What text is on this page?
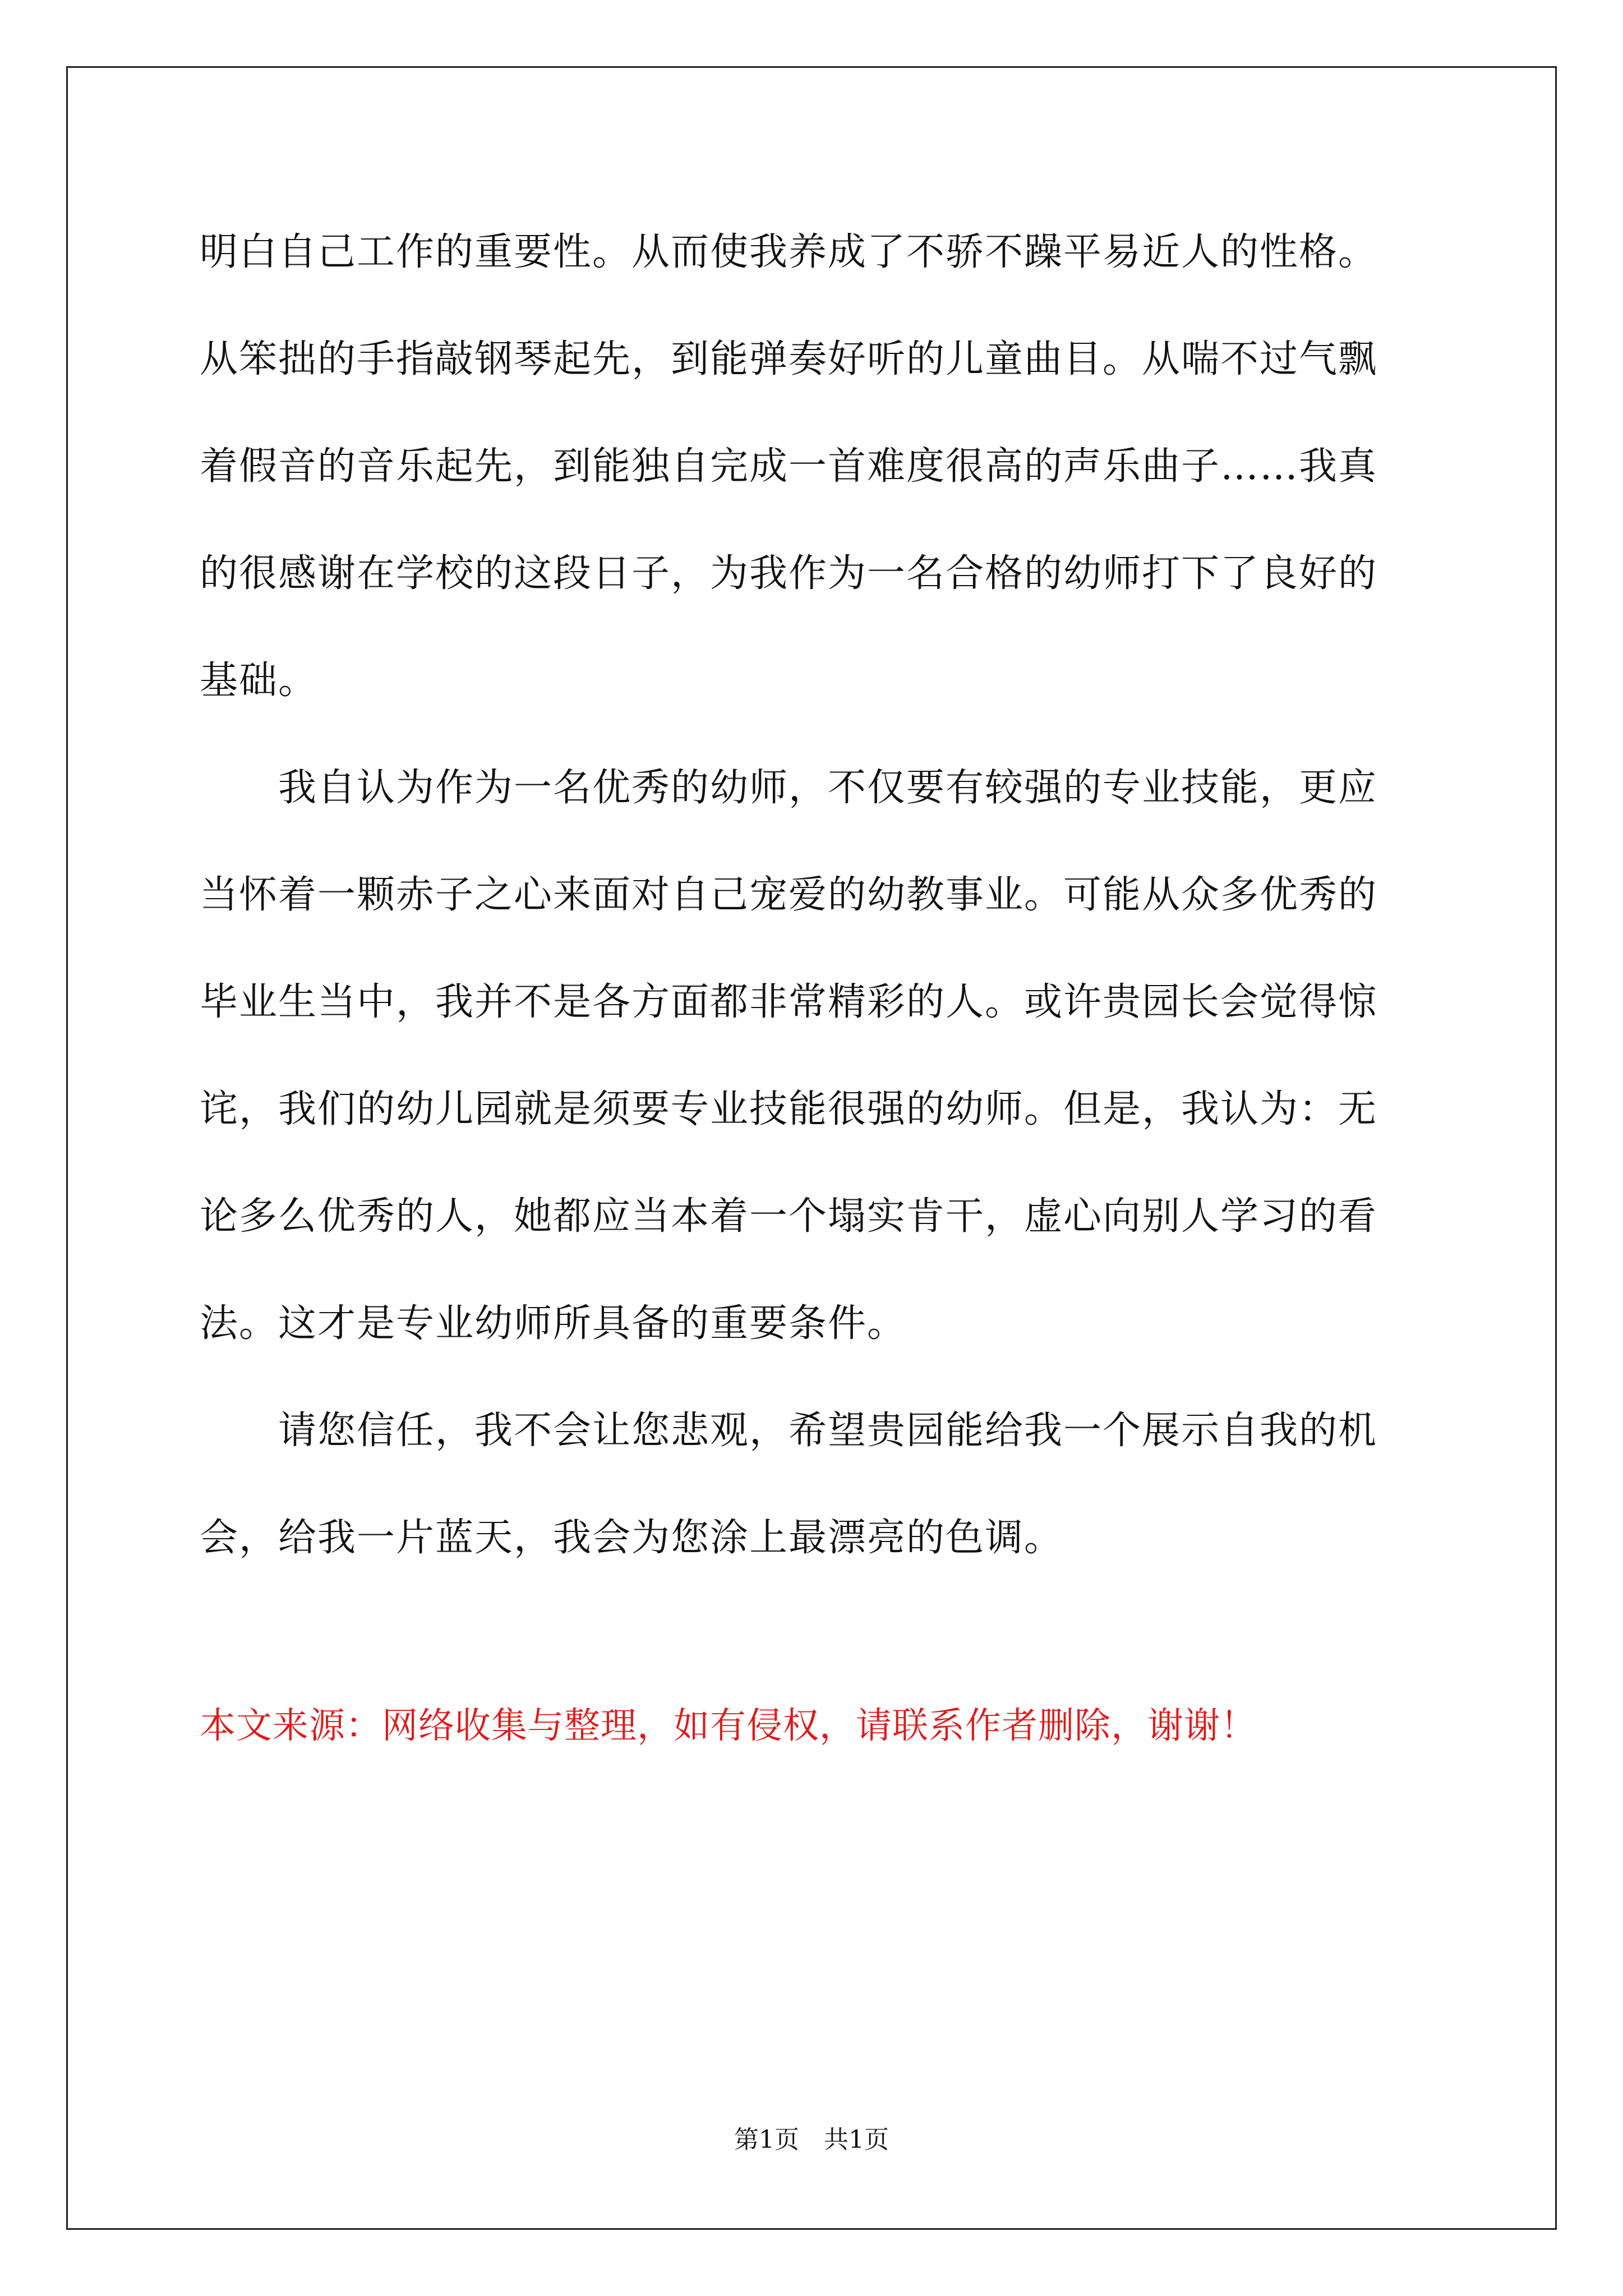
明白自己工作的重要性。从而使我养成了不骄不躁平易近人的性格。
从笨拙的手指敲钢琴起先，到能弹奏好听的儿童曲目。从喘不过气飘
着假音的音乐起先，到能独自完成一首难度很高的声乐曲子……我真
的很感谢在学校的这段日子，为我作为一名合格的幼师打下了良好的
基础。
　　我自认为作为一名优秀的幼师，不仅要有较强的专业技能，更应
当怀着一颗赤子之心来面对自己宠爱的幼教事业。可能从众多优秀的
毕业生当中，我并不是各方面都非常精彩的人。或许贵园长会觉得惊
诧，我们的幼儿园就是须要专业技能很强的幼师。但是，我认为：无
论多么优秀的人，她都应当本着一个塌实肯干，虚心向别人学习的看
法。这才是专业幼师所具备的重要条件。
　　请您信任，我不会让您悲观，希望贵园能给我一个展示自我的机
会，给我一片蓝天，我会为您涂上最漂亮的色调。
本文来源：网络收集与整理，如有侵权，请联系作者删除，谢谢！
第1页　共1页
